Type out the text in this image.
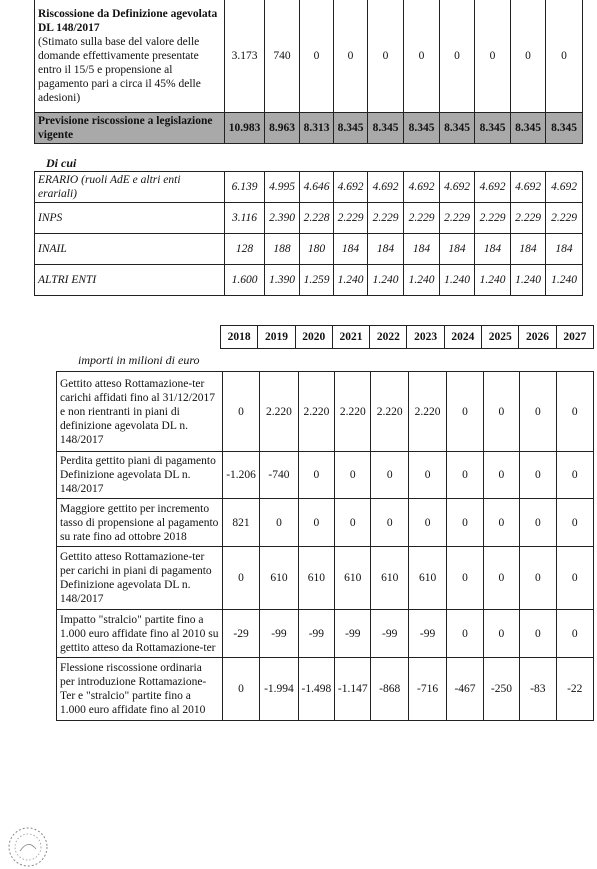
Riscossione da Definizione agevolata DL 148/2017
(Stimato sulla base del valore delle domande effettivamente presentate entro il 15/5 e propensione al pagamento pari a circa il 45% delle adesioni)	3.173	740	0	0	0	0	0	0	0	0
Previsione riscossione a legislazione vigente	10.983	8.963	8.313	8.345	8.345	8.345	8.345	8.345	8.345	8.345

ERARIO (ruoli AdE e altri enti erariali)	6.139	4.995	4.646	4.692	4.692	4.692	4.692	4.692	4.692	4.692
INPS	3.116	2.390	2.228	2.229	2.229	2.229	2.229	2.229	2.229	2.229
INAIL	128	188	180	184	184	184	184	184	184	184
ALTRI ENTI	1.600	1.390	1.259	1.240	1.240	1.240	1.240	1.240	1.240	1.240
Di cui
2018	2019	2020	2021	2022	2023	2024	2025	2026	2027
importi in milioni di euro
Gettito atteso Rottamazione-ter carichi affidati fino al 31/12/2017 e non rientranti in piani di definizione agevolata DL n. 148/2017	0	2.220	2.220	2.220	2.220	2.220	0	0	0	0
Perdita gettito piani di pagamento Definizione agevolata DL n. 148/2017	-1.206	-740	0	0	0	0	0	0	0	0
Maggiore gettito per incremento tasso di propensione al pagamento su rate fino ad ottobre 2018	821	0	0	0	0	0	0	0	0	0
Gettito atteso Rottamazione-ter per carichi in piani di pagamento Definizione agevolata DL n. 148/2017	0	610	610	610	610	610	0	0	0	0
Impatto "stralcio" partite fino a 1.000 euro affidate fino al 2010 su gettito atteso da Rottamazione-ter	-29	-99	-99	-99	-99	-99	0	0	0	0
Flessione riscossione ordinaria per introduzione Rottamazione-Ter e "stralcio" partite fino a 1.000 euro affidate fino al 2010	0	-1.994	-1.498	-1.147	-868	-716	-467	-250	-83	-22
